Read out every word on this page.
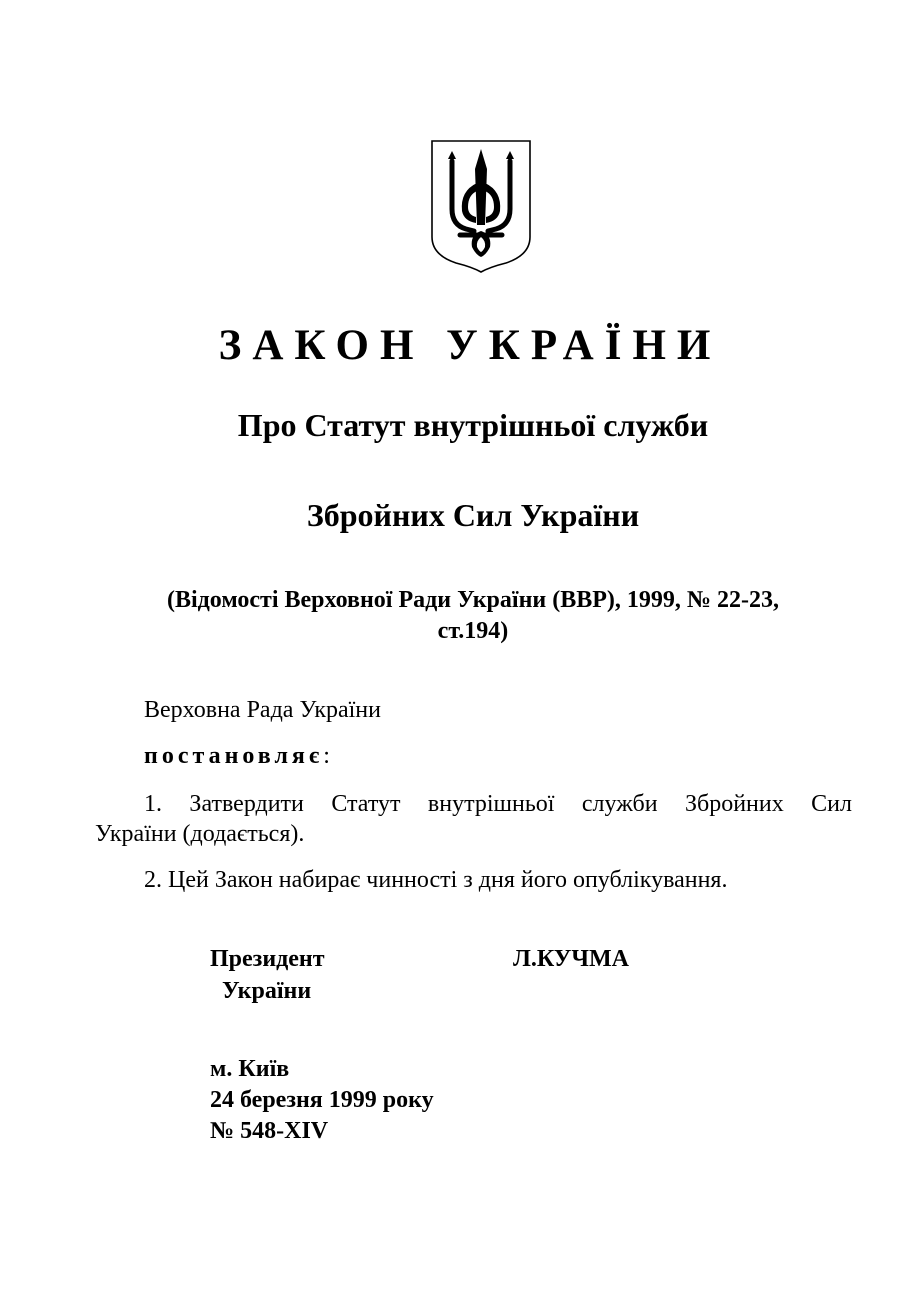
ЗАКОН УКРАЇНИ
Про Статут внутрішньої служби
Збройних Сил України
(Відомості Верховної Ради України (ВВР), 1999, № 22-23,
ст.194)
Верховна Рада України
постановляє:
1. Затвердити Статут внутрішньої служби Збройних Сил
України (додається).
2. Цей Закон набирає чинності з дня його опублікування.
Президент
України
Л.КУЧМА
м. Київ
24 березня 1999 року
№ 548-XIV
